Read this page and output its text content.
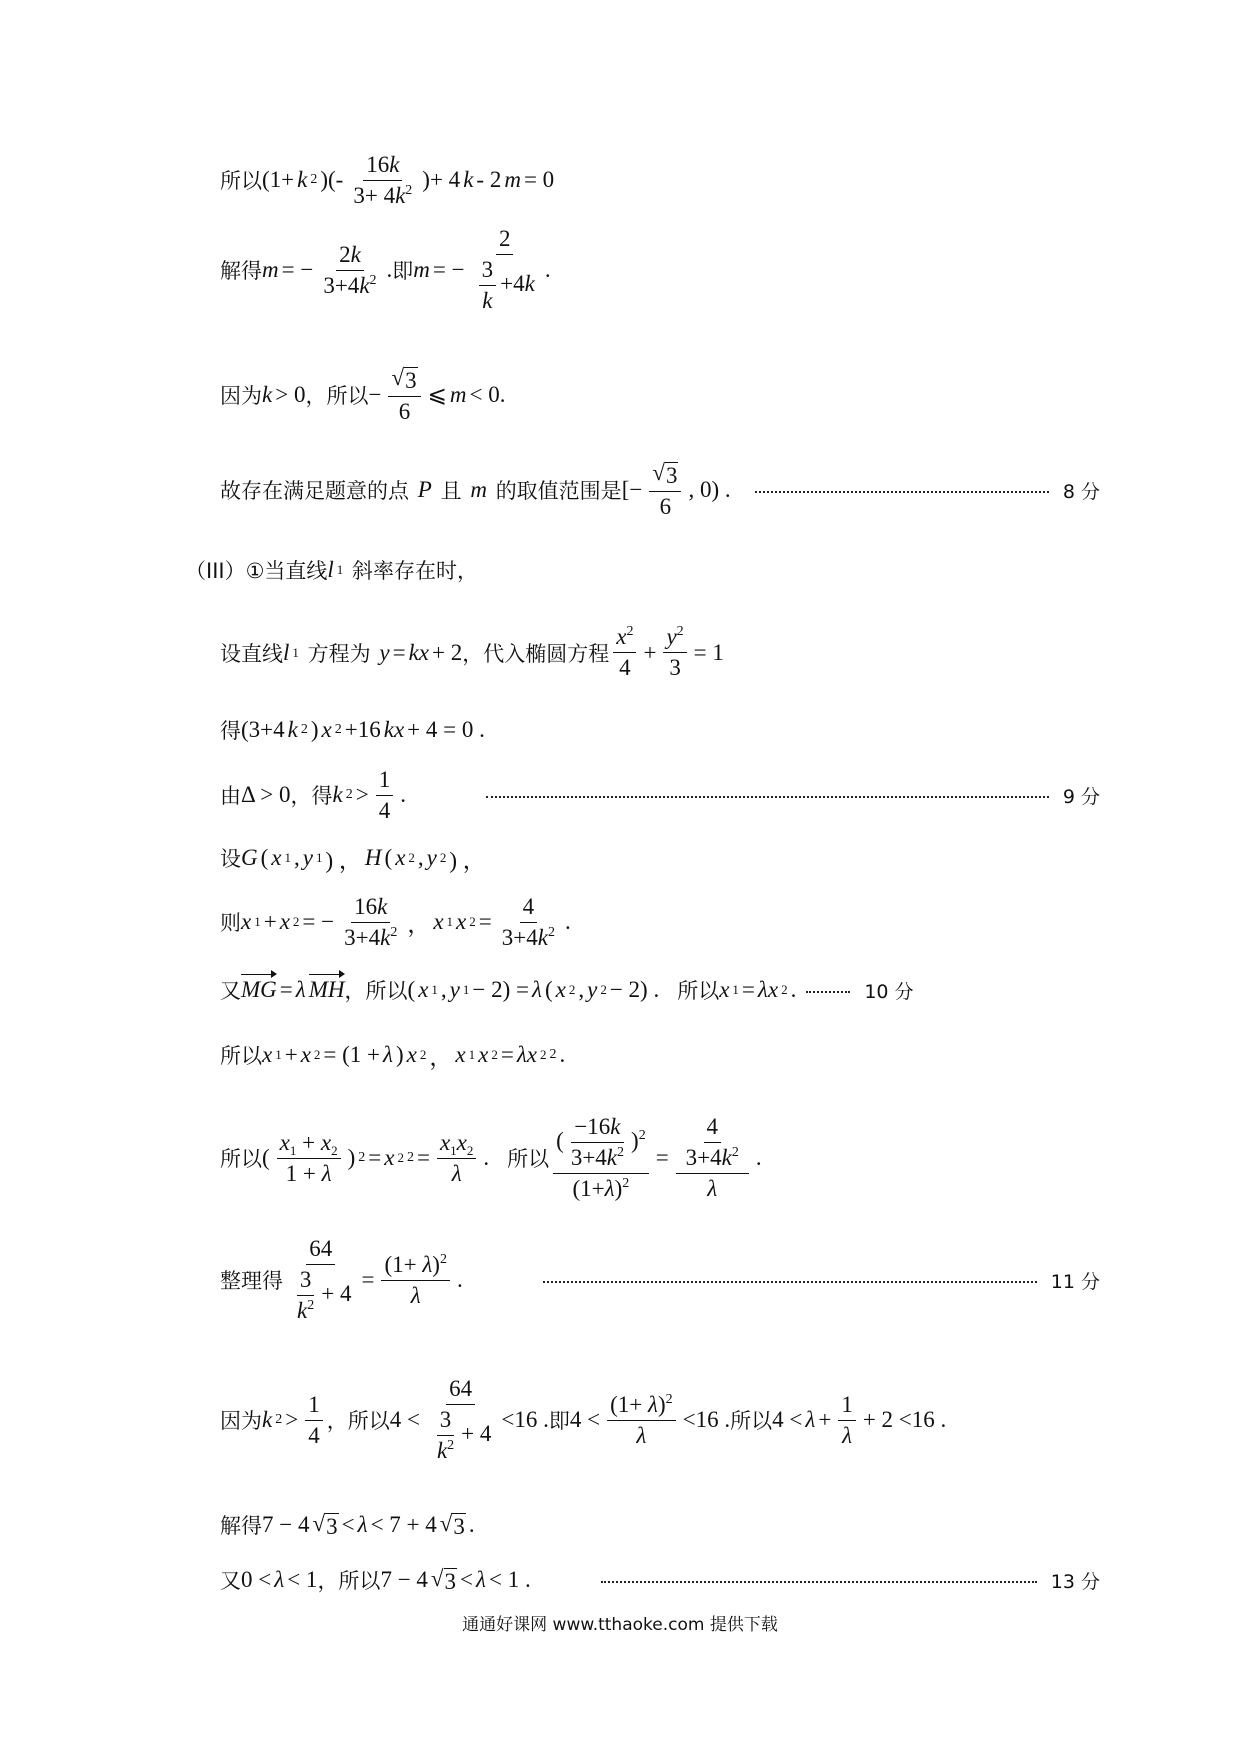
所以 (1+ k 2 )(- $\frac{16k}{3+ 4k^2}$ )+ 4 k - 2 m = 0
解得 m = − $\frac{2k}{3+4k^2}$ . 即 m = − $\frac{2}{\frac{3}{k} +4k}$ .
因为 k > 0 ，所以 − $\frac{√ 3}{6}$ ⩽ m < 0.
故存在满足题意的点
P
且
m
的取值范围是 [− $\frac{√ 3}{6}$ , 0) .	8 分
（III）①当直线 l 1
斜率存在时，
设直线 l 1
方程为
y = kx + 2 ，代入椭圆方程 $\frac{x^2}{4} + \frac{y^2}{3} = 1$
得 (3+4 k 2 ) x 2 +16 kx + 4 = 0 .
由 Δ > 0 ，得 k $2 > \frac{1}{4}$ .	9 分
设 G ( x 1 , y 1 ) ， H ( x 2 , y 2 ) ，
则 x 1 + x 2 = − $\frac{16k}{3+4k^2}$ ， x 1 x $2 = \frac{4}{3+4k^2}$ .
又 MG = λ MH ，所以 ( x 1 , y 1 − 2) = λ ( x 2 , y 2 − 2) . 所以 x 1 = λx 2 .	10 分
所以 x 1 + x 2 = (1 + λ ) x 2 ， x 1 x 2 = λx 2 2 .
所以 ( $\frac{x_1 + x_2}{1 + \lambda}$ ) 2 = x 2 $2 = \frac{x_1x_2}{\lambda}$ . 所以 $\frac{( \frac{-16k}{3+4k^2} )^2}{(1+\lambda)^2} = \frac{\frac{4}{3+4k^2}}{\lambda}$ .
整理得 $\frac{64}{\frac{3}{k^2} + 4} = \frac{(1+ \lambda)^2}{\lambda}$ .	11 分
因为 k $2 > \frac{1}{4}$ ，所以 $4 < \frac{64}{\frac{3}{k^2} + 4} <16$ . 即 $4 < \frac{(1+ \lambda)^2}{\lambda} <16$ . 所以 $4 < \lambda + \frac{1}{\lambda} + 2 <16$ .
解得 7 − 4 √ 3 < λ < 7 + 4 √ 3 .
又 0 < λ < 1 ，所以 7 − 4 √ 3 < λ < 1 .	13 分
通通好课网 www.tthaoke.com 提供下载
